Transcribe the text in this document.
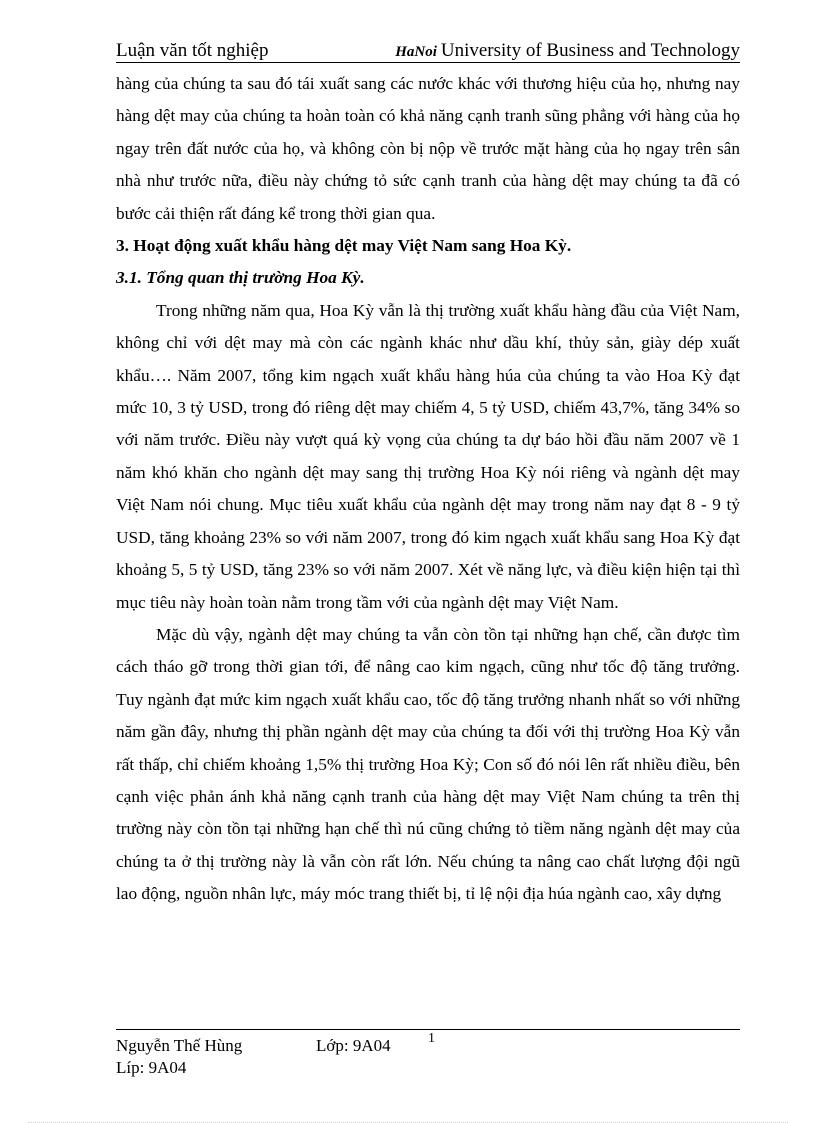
Luận văn tốt nghiệp	HaNoi University of Business and Technology

hàng của chúng ta sau đó tái xuất sang các nước khác với thương hiệu của họ, nhưng nay hàng dệt may của chúng ta hoàn toàn có khả năng cạnh tranh sũng phẳng với hàng của họ ngay trên đất nước của họ, và không còn bị nộp về trước mặt hàng của họ ngay trên sân nhà như trước nữa, điều này chứng tỏ sức cạnh tranh của hàng dệt may chúng ta đã có bước cải thiện rất đáng kể trong thời gian qua.

3. Hoạt động xuất khẩu hàng dệt may Việt Nam sang Hoa Kỳ.

3.1. Tổng quan thị trường Hoa Kỳ.

Trong những năm qua, Hoa Kỳ vẫn là thị trường xuất khẩu hàng đầu của Việt Nam, không chỉ với dệt may mà còn các ngành khác như dầu khí, thủy sản, giày dép xuất khẩu…. Năm 2007, tổng kim ngạch xuất khẩu hàng húa của chúng ta vào Hoa Kỳ đạt mức 10, 3 tỷ USD, trong đó riêng dệt may chiếm 4, 5 tỷ USD, chiếm 43,7%, tăng 34% so với năm trước. Điều này vượt quá kỳ vọng của chúng ta dự báo hồi đầu năm 2007 về 1 năm khó khăn cho ngành dệt may sang thị trường Hoa Kỳ nói riêng và ngành dệt may Việt Nam nói chung. Mục tiêu xuất khẩu của ngành dệt may trong năm nay đạt 8 - 9 tỷ USD, tăng khoảng 23% so với năm 2007, trong đó kim ngạch xuất khẩu sang Hoa Kỳ đạt khoảng 5, 5 tỷ USD, tăng 23% so với năm 2007. Xét về năng lực, và điều kiện hiện tại thì mục tiêu này hoàn toàn nằm trong tầm với của ngành dệt may Việt Nam.

Mặc dù vậy, ngành dệt may chúng ta vẫn còn tồn tại những hạn chế, cần được tìm cách tháo gỡ trong thời gian tới, để nâng cao kim ngạch, cũng như tốc độ tăng trưởng. Tuy ngành đạt mức kim ngạch xuất khẩu cao, tốc độ tăng trưởng nhanh nhất so với những năm gần đây, nhưng thị phần ngành dệt may của chúng ta đối với thị trường Hoa Kỳ vẫn rất thấp, chỉ chiếm khoảng 1,5% thị trường Hoa Kỳ; Con số đó nói lên rất nhiều điều, bên cạnh việc phản ánh khả năng cạnh tranh của hàng dệt may Việt Nam chúng ta trên thị trường này còn tồn tại những hạn chế thì nú cũng chứng tỏ tiềm năng ngành dệt may của chúng ta ở thị trường này là vẫn còn rất lớn. Nếu chúng ta nâng cao chất lượng đội ngũ lao động, nguồn nhân lực, máy móc trang thiết bị, tỉ lệ nội địa húa ngành cao, xây dựng

Nguyễn Thế Hùng	Lớp: 9A04	1
Líp: 9A04
